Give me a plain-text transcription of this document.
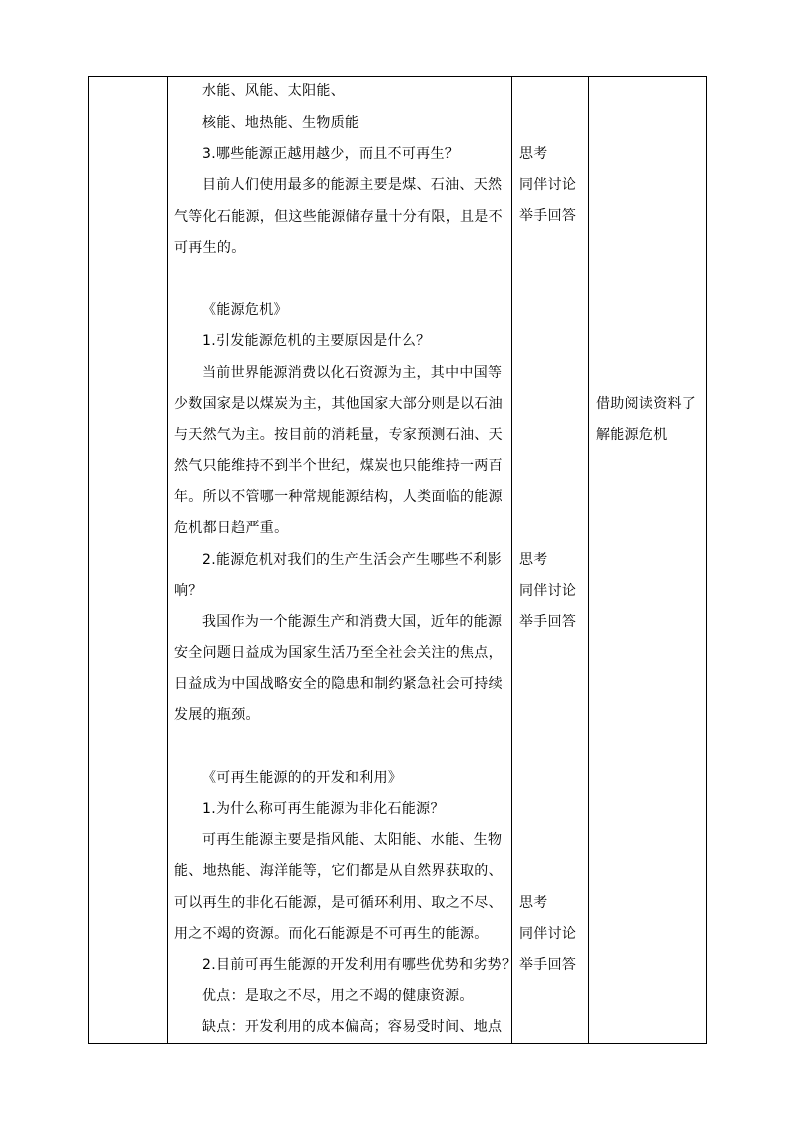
水能、风能、太阳能、
核能、地热能、生物质能
3.哪些能源正越用越少，而且不可再生？
目前人们使用最多的能源主要是煤、石油、天然
气等化石能源，但这些能源储存量十分有限，且是不
可再生的。
《能源危机》
1.引发能源危机的主要原因是什么？
当前世界能源消费以化石资源为主，其中中国等
少数国家是以煤炭为主，其他国家大部分则是以石油
与天然气为主。按目前的消耗量，专家预测石油、天
然气只能维持不到半个世纪，煤炭也只能维持一两百
年。所以不管哪一种常规能源结构，人类面临的能源
危机都日趋严重。
2.能源危机对我们的生产生活会产生哪些不利影
响？
我国作为一个能源生产和消费大国，近年的能源
安全问题日益成为国家生活乃至全社会关注的焦点，
日益成为中国战略安全的隐患和制约紧急社会可持续
发展的瓶颈。
《可再生能源的的开发和利用》
1.为什么称可再生能源为非化石能源？
可再生能源主要是指风能、太阳能、水能、生物
能、地热能、海洋能等，它们都是从自然界获取的、
可以再生的非化石能源，是可循环利用、取之不尽、
用之不竭的资源。而化石能源是不可再生的能源。
2.目前可再生能源的开发利用有哪些优势和劣势？
优点：是取之不尽，用之不竭的健康资源。
缺点：开发利用的成本偏高；容易受时间、地点
思考
同伴讨论
举手回答
思考
同伴讨论
举手回答
思考
同伴讨论
举手回答
借助阅读资料了
解能源危机
